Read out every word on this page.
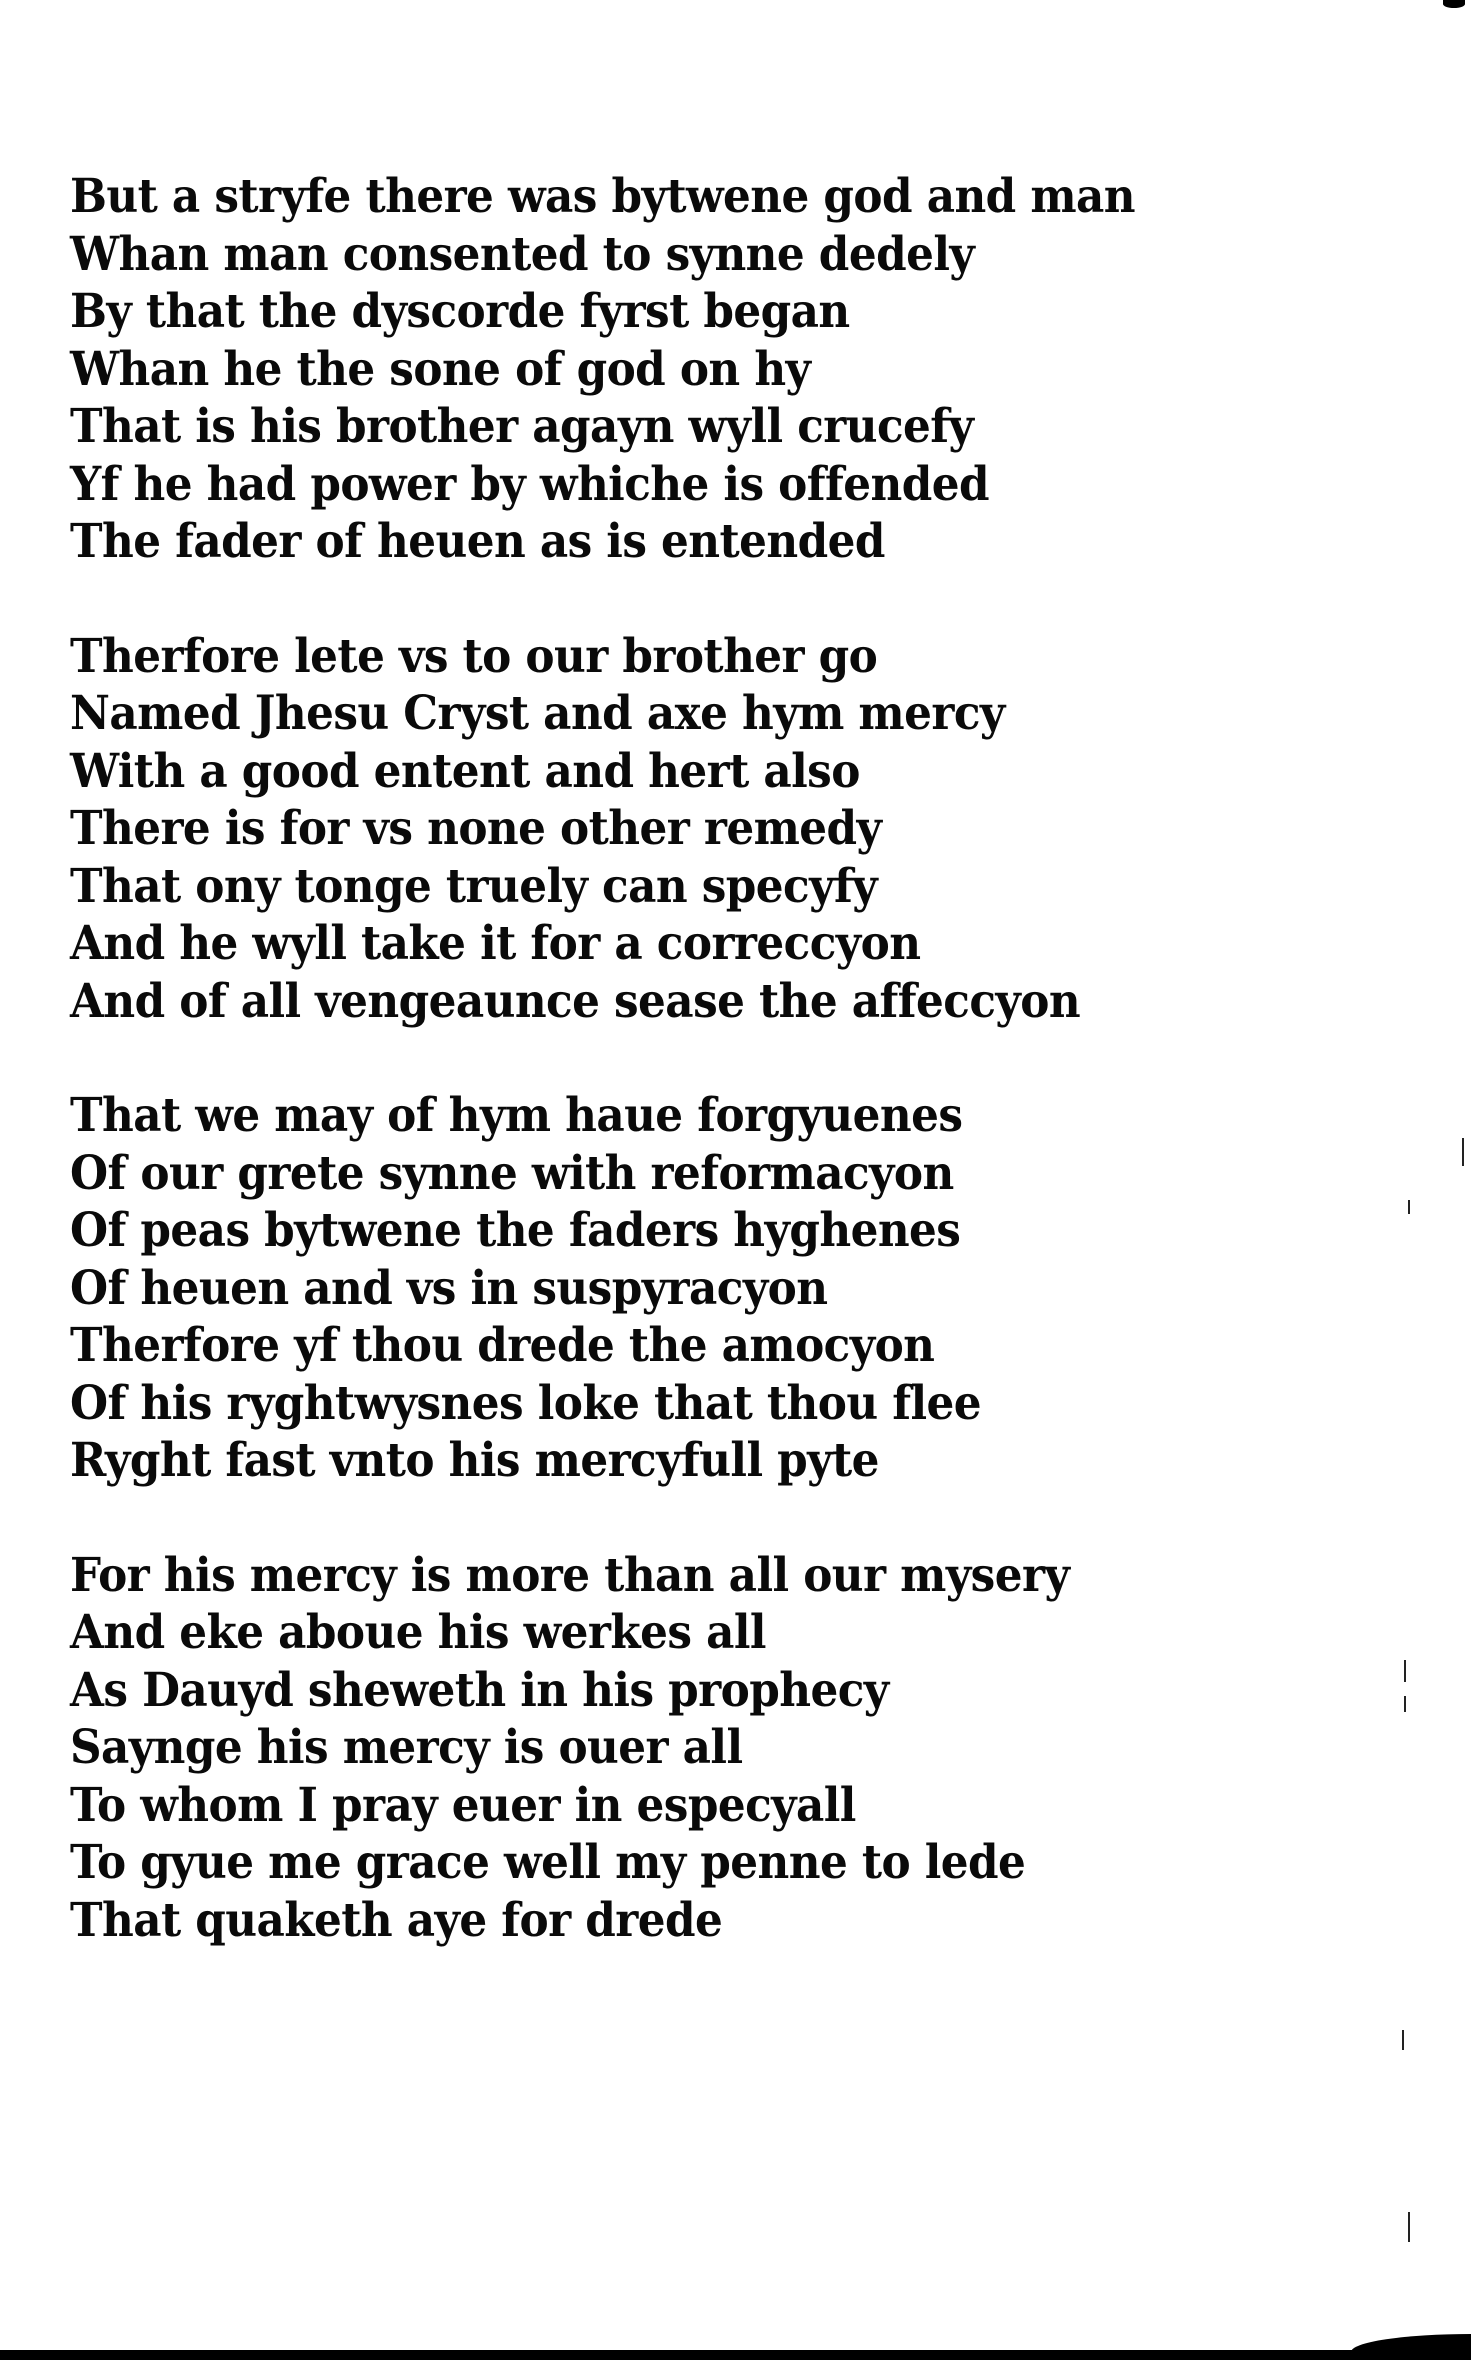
But a stryfe there was bytwene god and man
Whan man consented to synne dedely
By that the dyscorde fyrst began
Whan he the sone of god on hy
That is his brother agayn wyll crucefy
Yf he had power by whiche is offended
The fader of heuen as is entended
Therfore lete vs to our brother go
Named Jhesu Cryst and axe hym mercy
With a good entent and hert also
There is for vs none other remedy
That ony tonge truely can specyfy
And he wyll take it for a correccyon
And of all vengeaunce sease the affeccyon
That we may of hym haue forgyuenes
Of our grete synne with reformacyon
Of peas bytwene the faders hyghenes
Of heuen and vs in suspyracyon
Therfore yf thou drede the amocyon
Of his ryghtwysnes loke that thou flee
Ryght fast vnto his mercyfull pyte
For his mercy is more than all our mysery
And eke aboue his werkes all
As Dauyd sheweth in his prophecy
Saynge his mercy is ouer all
To whom I pray euer in especyall
To gyue me grace well my penne to lede
That quaketh aye for drede
